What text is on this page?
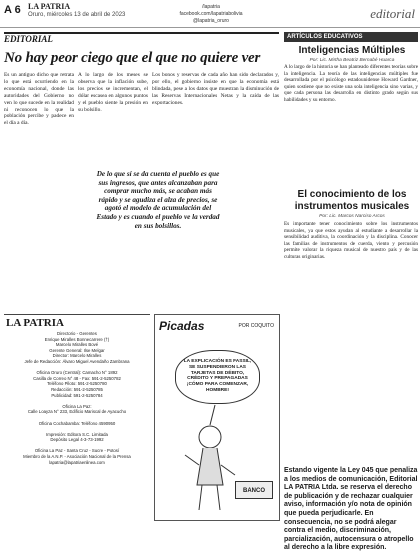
A 6 LA PATRIA
Oruro, miércoles 13 de abril de 2023
/lapatria
facebook.com/lapatriabolivia
@lapatria_oruro	editorial
EDITORIAL
No hay peor ciego que el que no quiere ver

Es un antiguo dicho que retrata lo que está ocurriendo en la economía nacional, donde las autoridades del Gobierno no ven lo que sucede en la realidad ni reconocen lo que la población percibe y padece en el día a día.

A lo largo de los meses se observa que la inflación sube, los precios se incrementan, el dólar escasea en algunos puntos y el pueblo siente la presión en su bolsillo.

Los bonos y reservas de cada año han sido declarados y, por ello, el gobierno insiste en que la economía está blindada, pese a los datos que muestran la disminución de las Reservas Internacionales Netas y la caída de las exportaciones.

De lo que sí se da cuenta el pueblo es que sus ingresos, que antes alcanzaban para comprar mucho más, se acaban más rápido y se agudiza el alza de precios, se agotó el modelo de acumulación del Estado y es cuando el pueblo ve la verdad en sus bolsillos.

ARTÍCULOS EDUCATIVOS
Inteligencias Múltiples
Por: Lic. Mirtha Beatriz Bernabé Huarca

A lo largo de la historia se han planteado diferentes teorías sobre la inteligencia. La teoría de las inteligencias múltiples fue desarrollada por el psicólogo estadounidense Howard Gardner, quien sostiene que no existe una sola inteligencia sino varias, y que cada persona las desarrolla en distinto grado según sus habilidades y su entorno.

El conocimiento de los instrumentos musicales
Por: Lic. Marcos Narciso Arcos

Es importante tener conocimiento sobre los instrumentos musicales, ya que estos ayudan al estudiante a desarrollar la sensibilidad auditiva, la coordinación y la disciplina. Conocer las familias de instrumentos de cuerda, viento y percusión permite valorar la riqueza musical de nuestro país y de las culturas originarias.

LA PATRIA
Directorio - Gerentes
Enrique Miralles Bonnecarrere (†)
Marcelo Miralles Bové
Gerente General: Ilse Melgar
Director: Marcelo Miralles
Jefe de Redacción: Álvaro Miguel Avendaño Zambrana

Oficina Oruro (Central): Camacho N° 1892
Casilla de Correo N° 48 - Fax: 591-2-5250782
Teléfono Piloto: 591-2-5250780
Redacción: 591-2-5250785
Publicidad: 591-2-5250784

Oficina La Paz:
Calle Loayza N° 233, Edificio Mariscal de Ayacucho

Oficina Cochabamba: Teléfono 4590950

Impresión: Editora S.C. Limitada
Depósito Legal 4-3-73-1992

Oficina La Paz - Santa Cruz - Sucre - Potosí
Miembro de la A.N.P. - Asociación Nacional de la Prensa
lapatria@lapatriaenlinea.com
Picadas	POR COQUITO
LA EXPLICACIÓN ES FASSIL, SE SUSPENDIERON LAS TARJETAS DE DÉBITO, CRÉDITO Y PREPAGADAS ¡CÓMO PARA COMENZAR, HOMBRE!
BANCO

Estando vigente la Ley 045 que penaliza a los medios de comunicación, Editorial LA PATRIA Ltda. se reserva el derecho de publicación y de rechazar cualquier aviso, información y/o nota de opinión que pueda perjudicarle. En consecuencia, no se podrá alegar contra el medio, discriminación, parcialización, autocensura o atropello al derecho a la libre expresión.
